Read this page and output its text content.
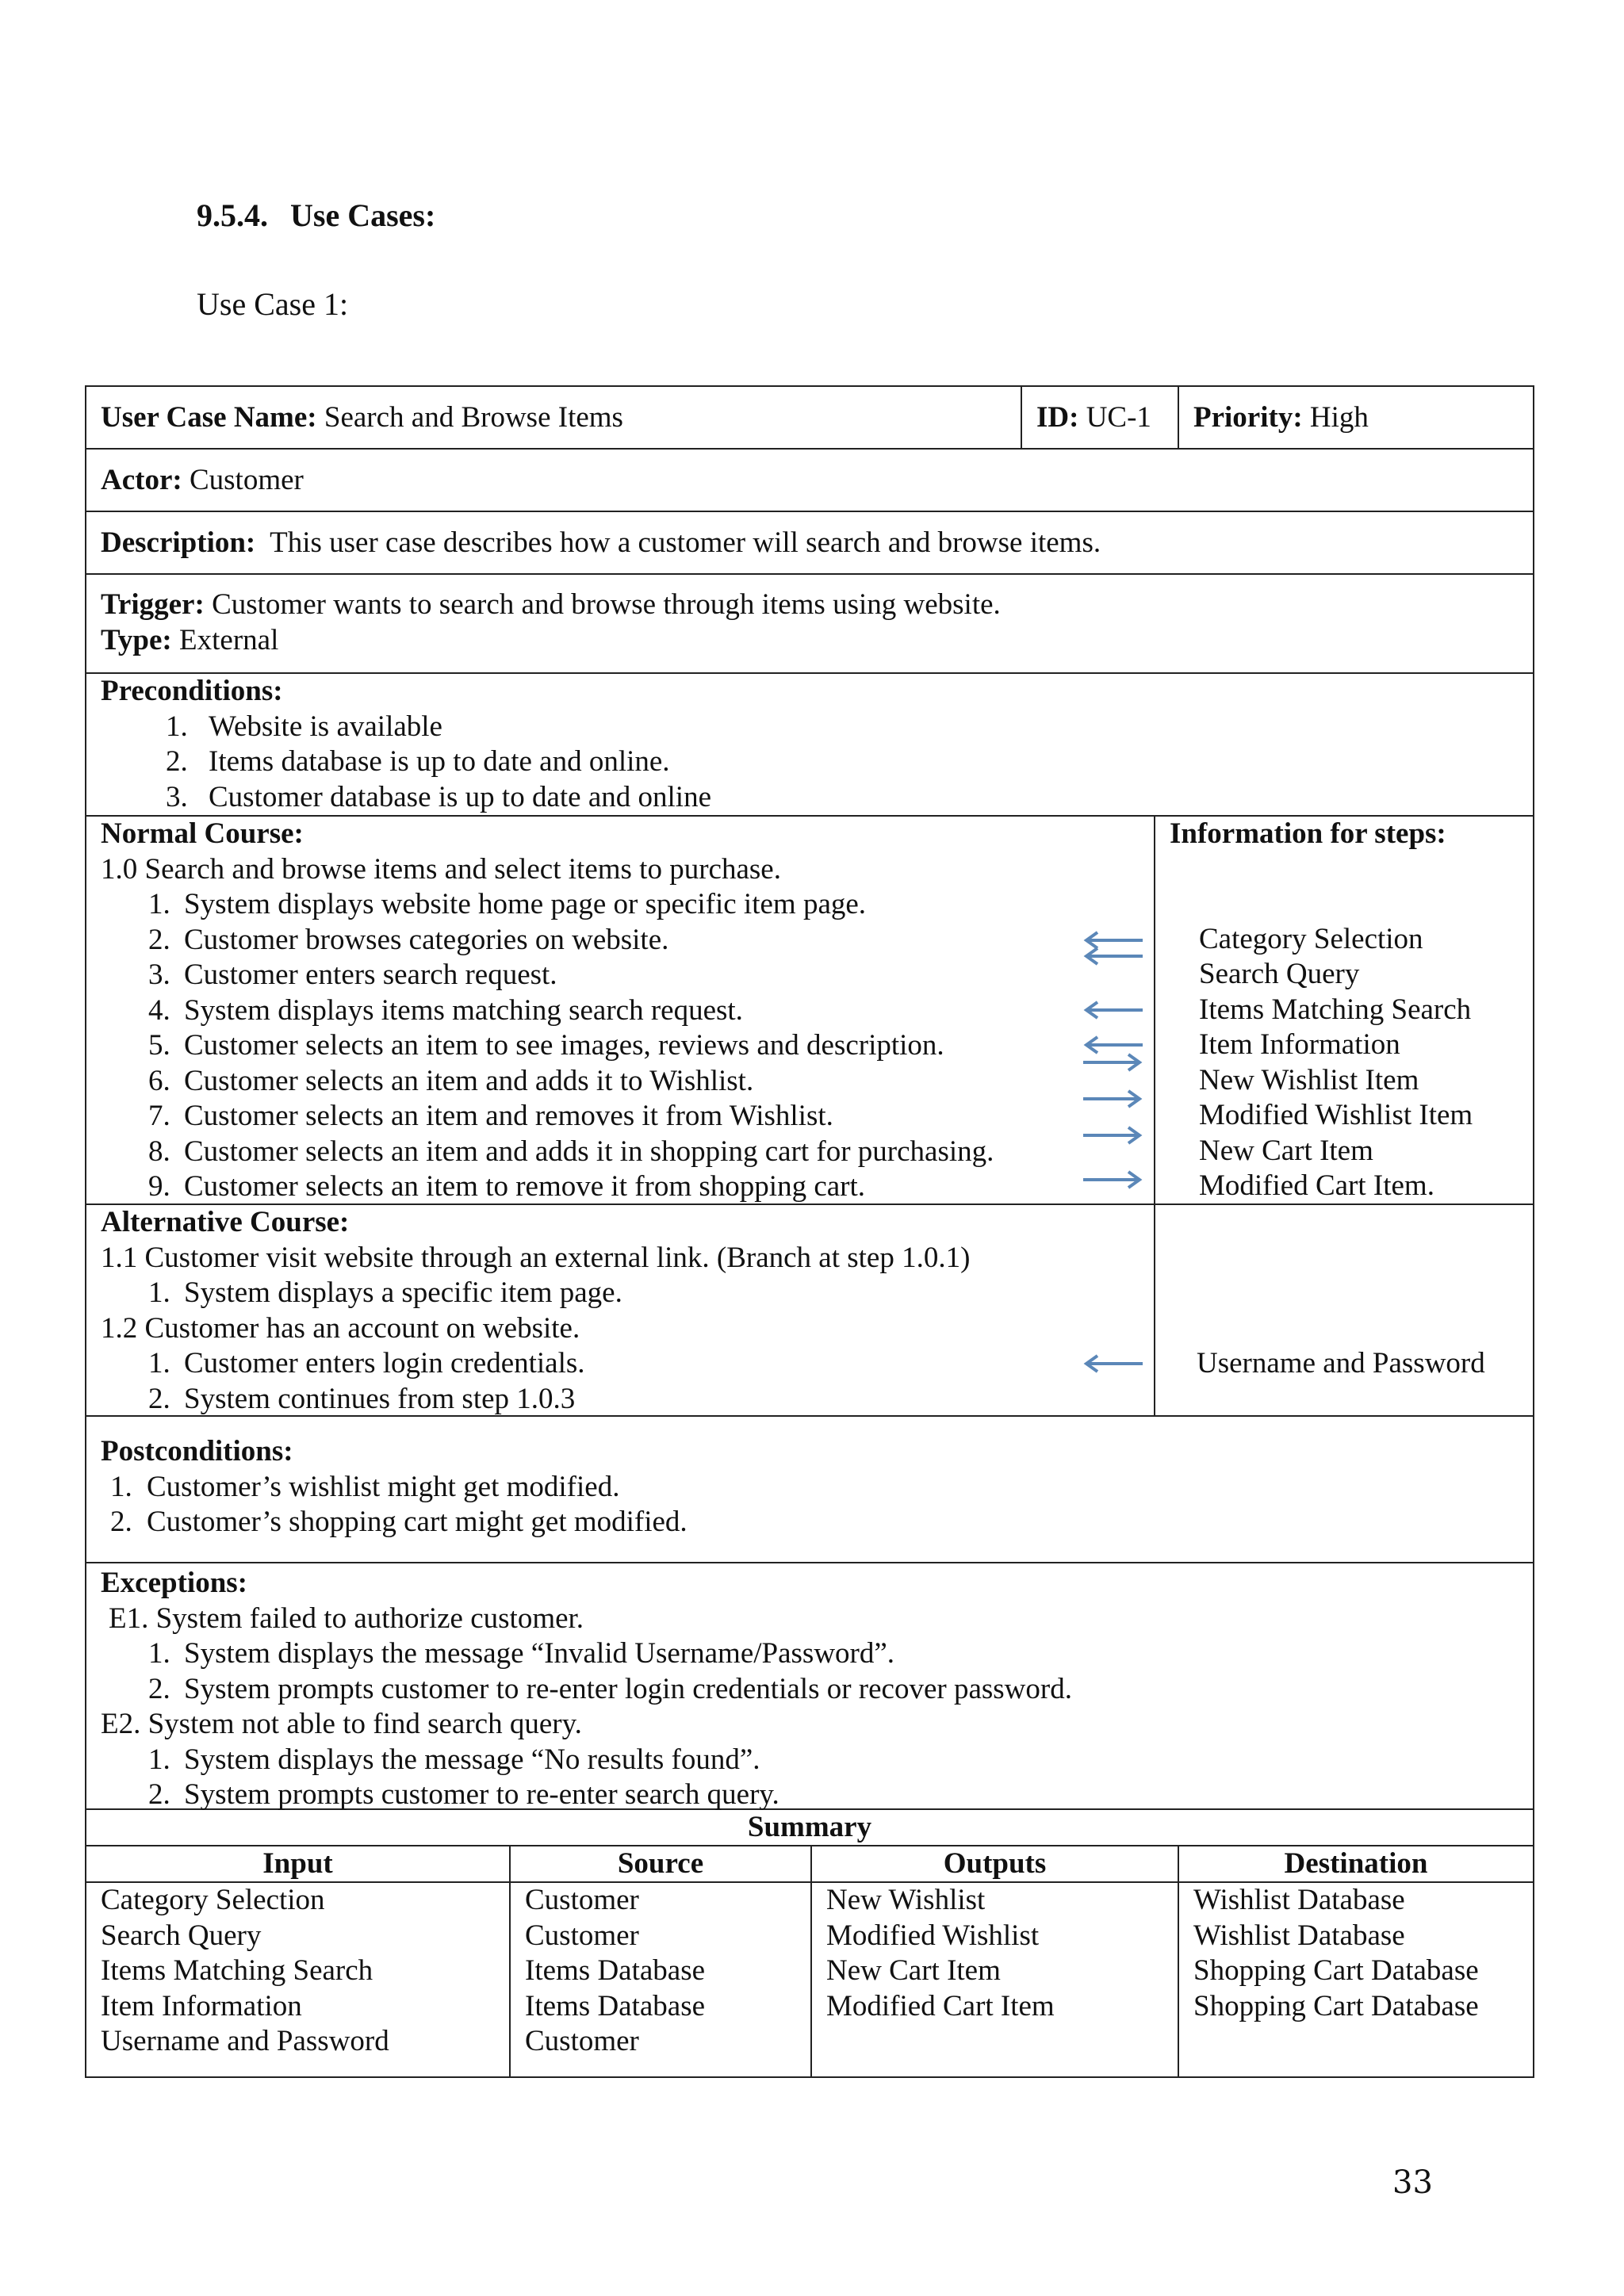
9.5.4. Use Cases:
Use Case 1:
User Case Name: Search and Browse Items	ID: UC-1 Priority: High
Actor: Customer
Description: This user case describes how a customer will search and browse items.
Trigger: Customer wants to search and browse through items using website.
Type: External
Preconditions:
1. Website is available
2. Items database is up to date and online.
3. Customer database is up to date and online
Normal Course:
1.0 Search and browse items and select items to purchase.
1. System displays website home page or specific item page.
2. Customer browses categories on website.
3. Customer enters search request.
4. System displays items matching search request.
5. Customer selects an item to see images, reviews and description.
6. Customer selects an item and adds it to Wishlist.
7. Customer selects an item and removes it from Wishlist.
8. Customer selects an item and adds it in shopping cart for purchasing.
9. Customer selects an item to remove it from shopping cart.
Information for steps:
Category Selection
Search Query
Items Matching Search
Item Information
New Wishlist Item
Modified Wishlist Item
New Cart Item
Modified Cart Item.
Alternative Course:
1.1 Customer visit website through an external link. (Branch at step 1.0.1)
1. System displays a specific item page.
1.2 Customer has an account on website.
1. Customer enters login credentials.
2. System continues from step 1.0.3
Username and Password
Postconditions:
1. Customer’s wishlist might get modified.
2. Customer’s shopping cart might get modified.
Exceptions:
E1. System failed to authorize customer.
1. System displays the message “Invalid Username/Password”.
2. System prompts customer to re-enter login credentials or recover password.
E2. System not able to find search query.
1. System displays the message “No results found”.
2. System prompts customer to re-enter search query.
Summary
Input
Category Selection
Search Query
Items Matching Search
Item Information
Username and Password
Source
Customer
Customer
Items Database
Items Database
Customer
Outputs
New Wishlist
Modified Wishlist
New Cart Item
Modified Cart Item
Destination
Wishlist Database
Wishlist Database
Shopping Cart Database
Shopping Cart Database
33
